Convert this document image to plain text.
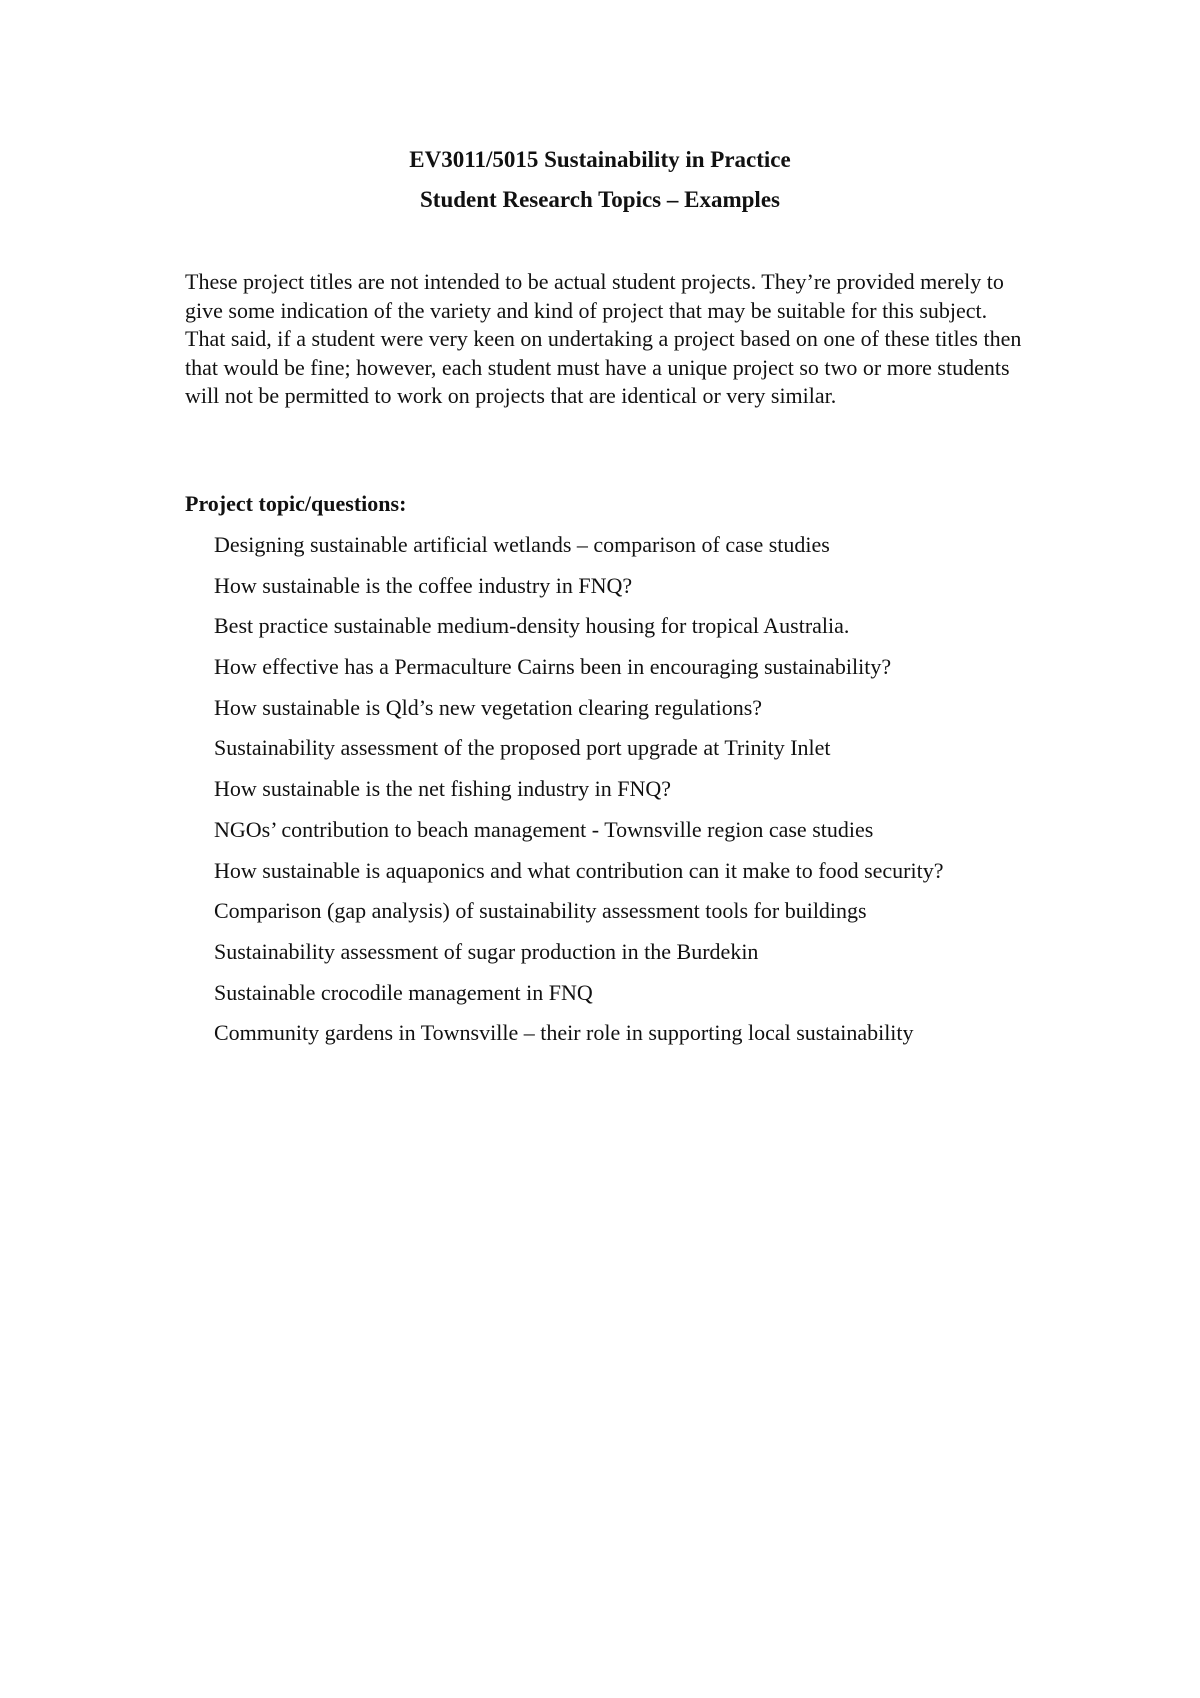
EV3011/5015 Sustainability in Practice
Student Research Topics – Examples

These project titles are not intended to be actual student projects. They’re provided merely to give some indication of the variety and kind of project that may be suitable for this subject. That said, if a student were very keen on undertaking a project based on one of these titles then that would be fine; however, each student must have a unique project so two or more students will not be permitted to work on projects that are identical or very similar.

Project topic/questions:

Designing sustainable artificial wetlands – comparison of case studies
How sustainable is the coffee industry in FNQ?
Best practice sustainable medium-density housing for tropical Australia.
How effective has a Permaculture Cairns been in encouraging sustainability?
How sustainable is Qld’s new vegetation clearing regulations?
Sustainability assessment of the proposed port upgrade at Trinity Inlet
How sustainable is the net fishing industry in FNQ?
NGOs’ contribution to beach management - Townsville region case studies
How sustainable is aquaponics and what contribution can it make to food security?
Comparison (gap analysis) of sustainability assessment tools for buildings
Sustainability assessment of sugar production in the Burdekin
Sustainable crocodile management in FNQ
Community gardens in Townsville – their role in supporting local sustainability
